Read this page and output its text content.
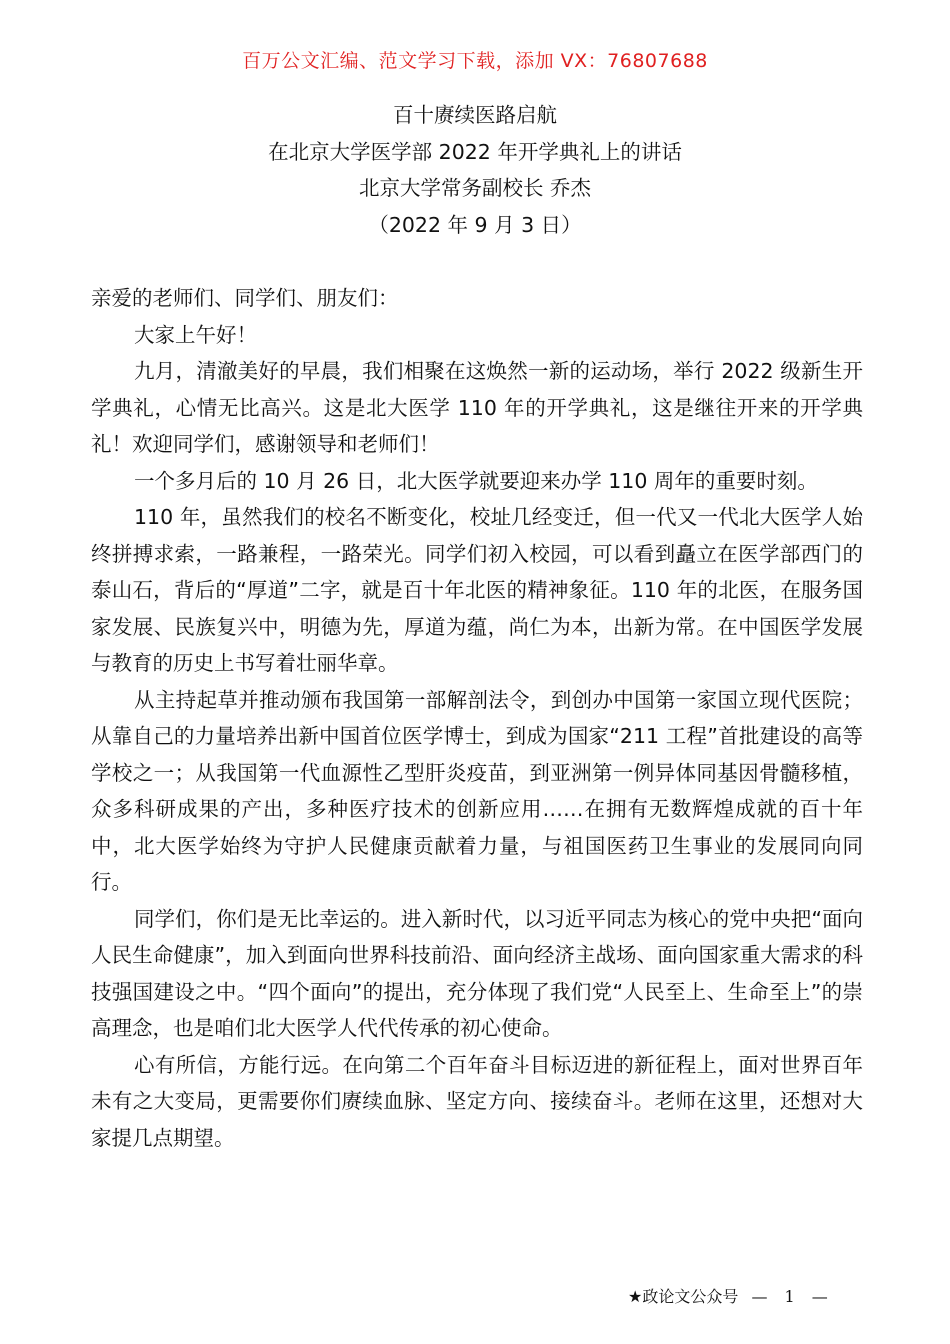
百万公文汇编、范文学习下载，添加 VX：76807688
百十赓续医路启航
在北京大学医学部 2022 年开学典礼上的讲话
北京大学常务副校长 乔杰
（2022 年 9 月 3 日）

亲爱的老师们、同学们、朋友们：

大家上午好！

九月，清澈美好的早晨，我们相聚在这焕然一新的运动场，举行 2022 级新生开学典礼，心情无比高兴。这是北大医学 110 年的开学典礼，这是继往开来的开学典礼！欢迎同学们，感谢领导和老师们！

一个多月后的 10 月 26 日，北大医学就要迎来办学 110 周年的重要时刻。

110 年，虽然我们的校名不断变化，校址几经变迁，但一代又一代北大医学人始终拼搏求索，一路兼程，一路荣光。同学们初入校园，可以看到矗立在医学部西门的泰山石，背后的“厚道”二字，就是百十年北医的精神象征。110 年的北医，在服务国家发展、民族复兴中，明德为先，厚道为蕴，尚仁为本，出新为常。在中国医学发展与教育的历史上书写着壮丽华章。

从主持起草并推动颁布我国第一部解剖法令，到创办中国第一家国立现代医院；从靠自己的力量培养出新中国首位医学博士，到成为国家“211 工程”首批建设的高等学校之一；从我国第一代血源性乙型肝炎疫苗，到亚洲第一例异体同基因骨髓移植，众多科研成果的产出，多种医疗技术的创新应用……在拥有无数辉煌成就的百十年中，北大医学始终为守护人民健康贡献着力量，与祖国医药卫生事业的发展同向同行。

同学们，你们是无比幸运的。进入新时代，以习近平同志为核心的党中央把“面向人民生命健康”，加入到面向世界科技前沿、面向经济主战场、面向国家重大需求的科技强国建设之中。“四个面向”的提出，充分体现了我们党“人民至上、生命至上”的崇高理念，也是咱们北大医学人代代传承的初心使命。

心有所信，方能行远。在向第二个百年奋斗目标迈进的新征程上，面对世界百年未有之大变局，更需要你们赓续血脉、坚定方向、接续奋斗。老师在这里，还想对大家提几点期望。

★政论文公众号 — 1 —
